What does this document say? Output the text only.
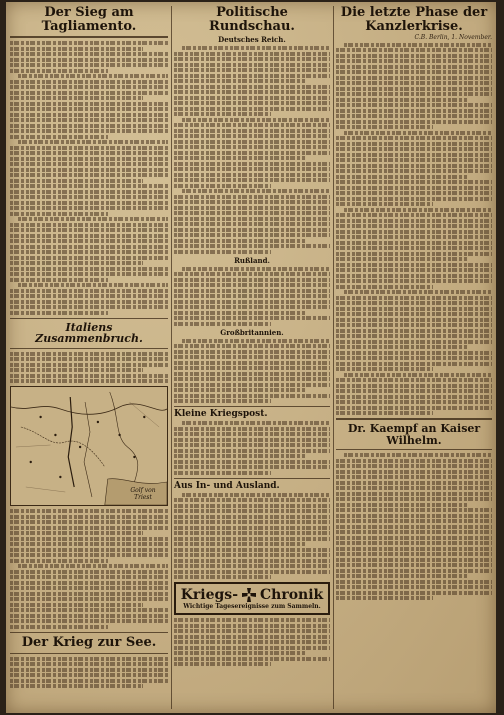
Der Sieg am Tagliamento.
Italiens Zusammenbruch.
Golf von Triest
Der Krieg zur See.
Politische Rundschau.
Deutsches Reich.
Rußland.
Großbritannien.
Kleine Kriegspost.
Aus In- und Ausland.
Kriegs- Chronik
Wichtige Tagesereignisse zum Sammeln.
Die letzte Phase der Kanzlerkrise.
C.B. Berlin, 1. November.
Dr. Kaempf an Kaiser Wilhelm.
